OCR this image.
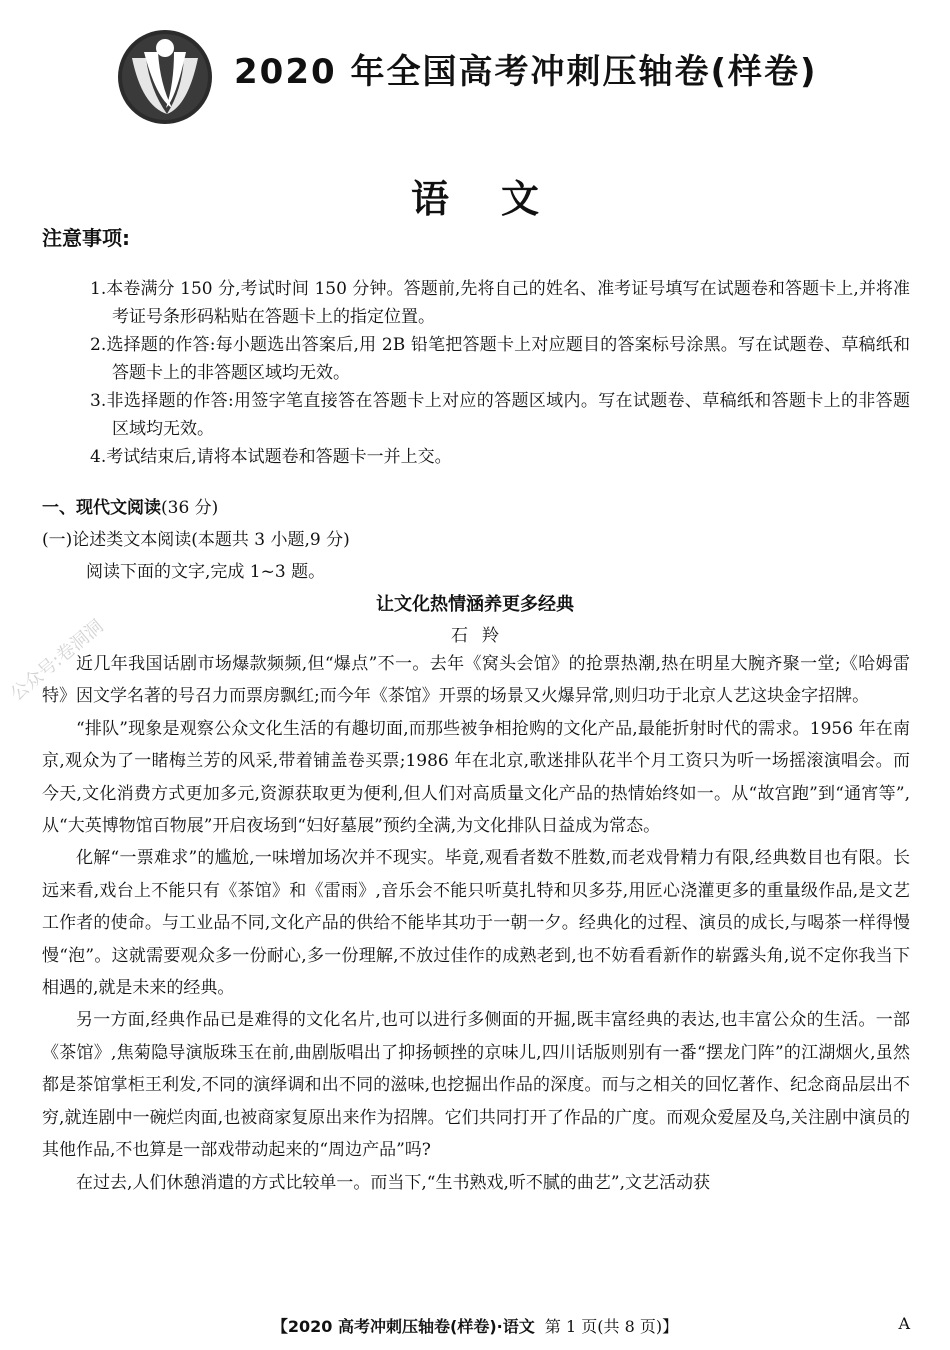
2020 年全国高考冲刺压轴卷(样卷)
语文
注意事项:
1.本卷满分 150 分,考试时间 150 分钟。答题前,先将自己的姓名、准考证号填写在试题卷和答题卡上,并将准考证号条形码粘贴在答题卡上的指定位置。
2.选择题的作答:每小题选出答案后,用 2B 铅笔把答题卡上对应题目的答案标号涂黑。写在试题卷、草稿纸和答题卡上的非答题区域均无效。
3.非选择题的作答:用签字笔直接答在答题卡上对应的答题区域内。写在试题卷、草稿纸和答题卡上的非答题区域均无效。
4.考试结束后,请将本试题卷和答题卡一并上交。
一、现代文阅读(36 分)
(一)论述类文本阅读(本题共 3 小题,9 分)
阅读下面的文字,完成 1~3 题。
让文化热情涵养更多经典
石羚

近几年我国话剧市场爆款频频,但“爆点”不一。去年《窝头会馆》的抢票热潮,热在明星大腕齐聚一堂;《哈姆雷特》因文学名著的号召力而票房飘红;而今年《茶馆》开票的场景又火爆异常,则归功于北京人艺这块金字招牌。

“排队”现象是观察公众文化生活的有趣切面,而那些被争相抢购的文化产品,最能折射时代的需求。1956 年在南京,观众为了一睹梅兰芳的风采,带着铺盖卷买票;1986 年在北京,歌迷排队花半个月工资只为听一场摇滚演唱会。而今天,文化消费方式更加多元,资源获取更为便利,但人们对高质量文化产品的热情始终如一。从“故宫跑”到“通宵等”,从“大英博物馆百物展”开启夜场到“妇好墓展”预约全满,为文化排队日益成为常态。

化解“一票难求”的尴尬,一味增加场次并不现实。毕竟,观看者数不胜数,而老戏骨精力有限,经典数目也有限。长远来看,戏台上不能只有《茶馆》和《雷雨》,音乐会不能只听莫扎特和贝多芬,用匠心浇灌更多的重量级作品,是文艺工作者的使命。与工业品不同,文化产品的供给不能毕其功于一朝一夕。经典化的过程、演员的成长,与喝茶一样得慢慢“泡”。这就需要观众多一份耐心,多一份理解,不放过佳作的成熟老到,也不妨看看新作的崭露头角,说不定你我当下相遇的,就是未来的经典。

另一方面,经典作品已是难得的文化名片,也可以进行多侧面的开掘,既丰富经典的表达,也丰富公众的生活。一部《茶馆》,焦菊隐导演版珠玉在前,曲剧版唱出了抑扬顿挫的京味儿,四川话版则别有一番“摆龙门阵”的江湖烟火,虽然都是茶馆掌柜王利发,不同的演绎调和出不同的滋味,也挖掘出作品的深度。而与之相关的回忆著作、纪念商品层出不穷,就连剧中一碗烂肉面,也被商家复原出来作为招牌。它们共同打开了作品的广度。而观众爱屋及乌,关注剧中演员的其他作品,不也算是一部戏带动起来的“周边产品”吗?

在过去,人们休憩消遣的方式比较单一。而当下,“生书熟戏,听不腻的曲艺”,文艺活动获

公众号:卷洞洞
【2020 高考冲刺压轴卷(样卷)·语文 第 1 页(共 8 页)】	A
